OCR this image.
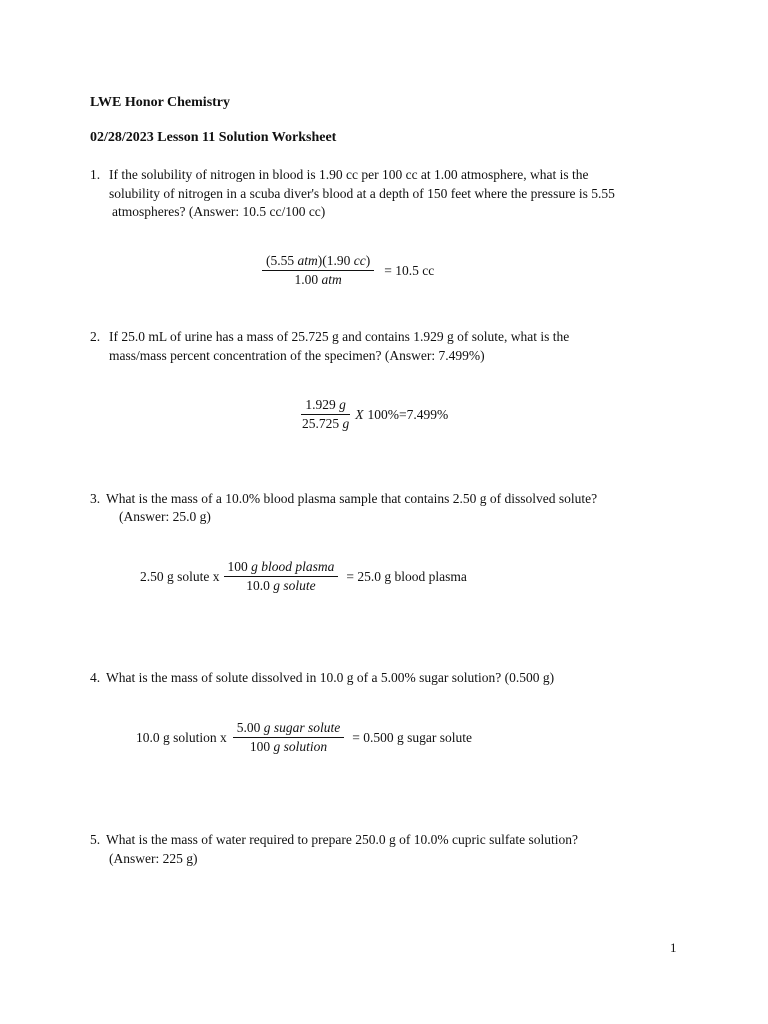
LWE Honor Chemistry
02/28/2023 Lesson 11 Solution Worksheet
1. If the solubility of nitrogen in blood is 1.90 cc per 100 cc at 1.00 atmosphere, what is the
solubility of nitrogen in a scuba diver's blood at a depth of 150 feet where the pressure is 5.55
atmospheres? (Answer: 10.5 cc/100 cc)
$\frac{\text{(5.55 atm)(1.90 cc)}}{\text{1.00 atm}} = 10.5$ cc
2. If 25.0 mL of urine has a mass of 25.725 g and contains 1.929 g of solute, what is the
mass/mass percent concentration of the specimen? (Answer: 7.499%)
$\frac{1.929 g}{25.725 g}$ X 100%=7.499%
3. What is the mass of a 10.0% blood plasma sample that contains 2.50 g of dissolved solute?
(Answer: 25.0 g)
2.50 g solute x $\frac{\text{100 g blood plasma}}{\text{10.0 g solute}} = 25.0$ g blood plasma
4. What is the mass of solute dissolved in 10.0 g of a 5.00% sugar solution? (0.500 g)
10.0 g solution x $\frac{\text{5.00 g sugar solute}}{\text{100 g solution}} = 0.500$ g sugar solute
5. What is the mass of water required to prepare 250.0 g of 10.0% cupric sulfate solution?
(Answer: 225 g)
1
